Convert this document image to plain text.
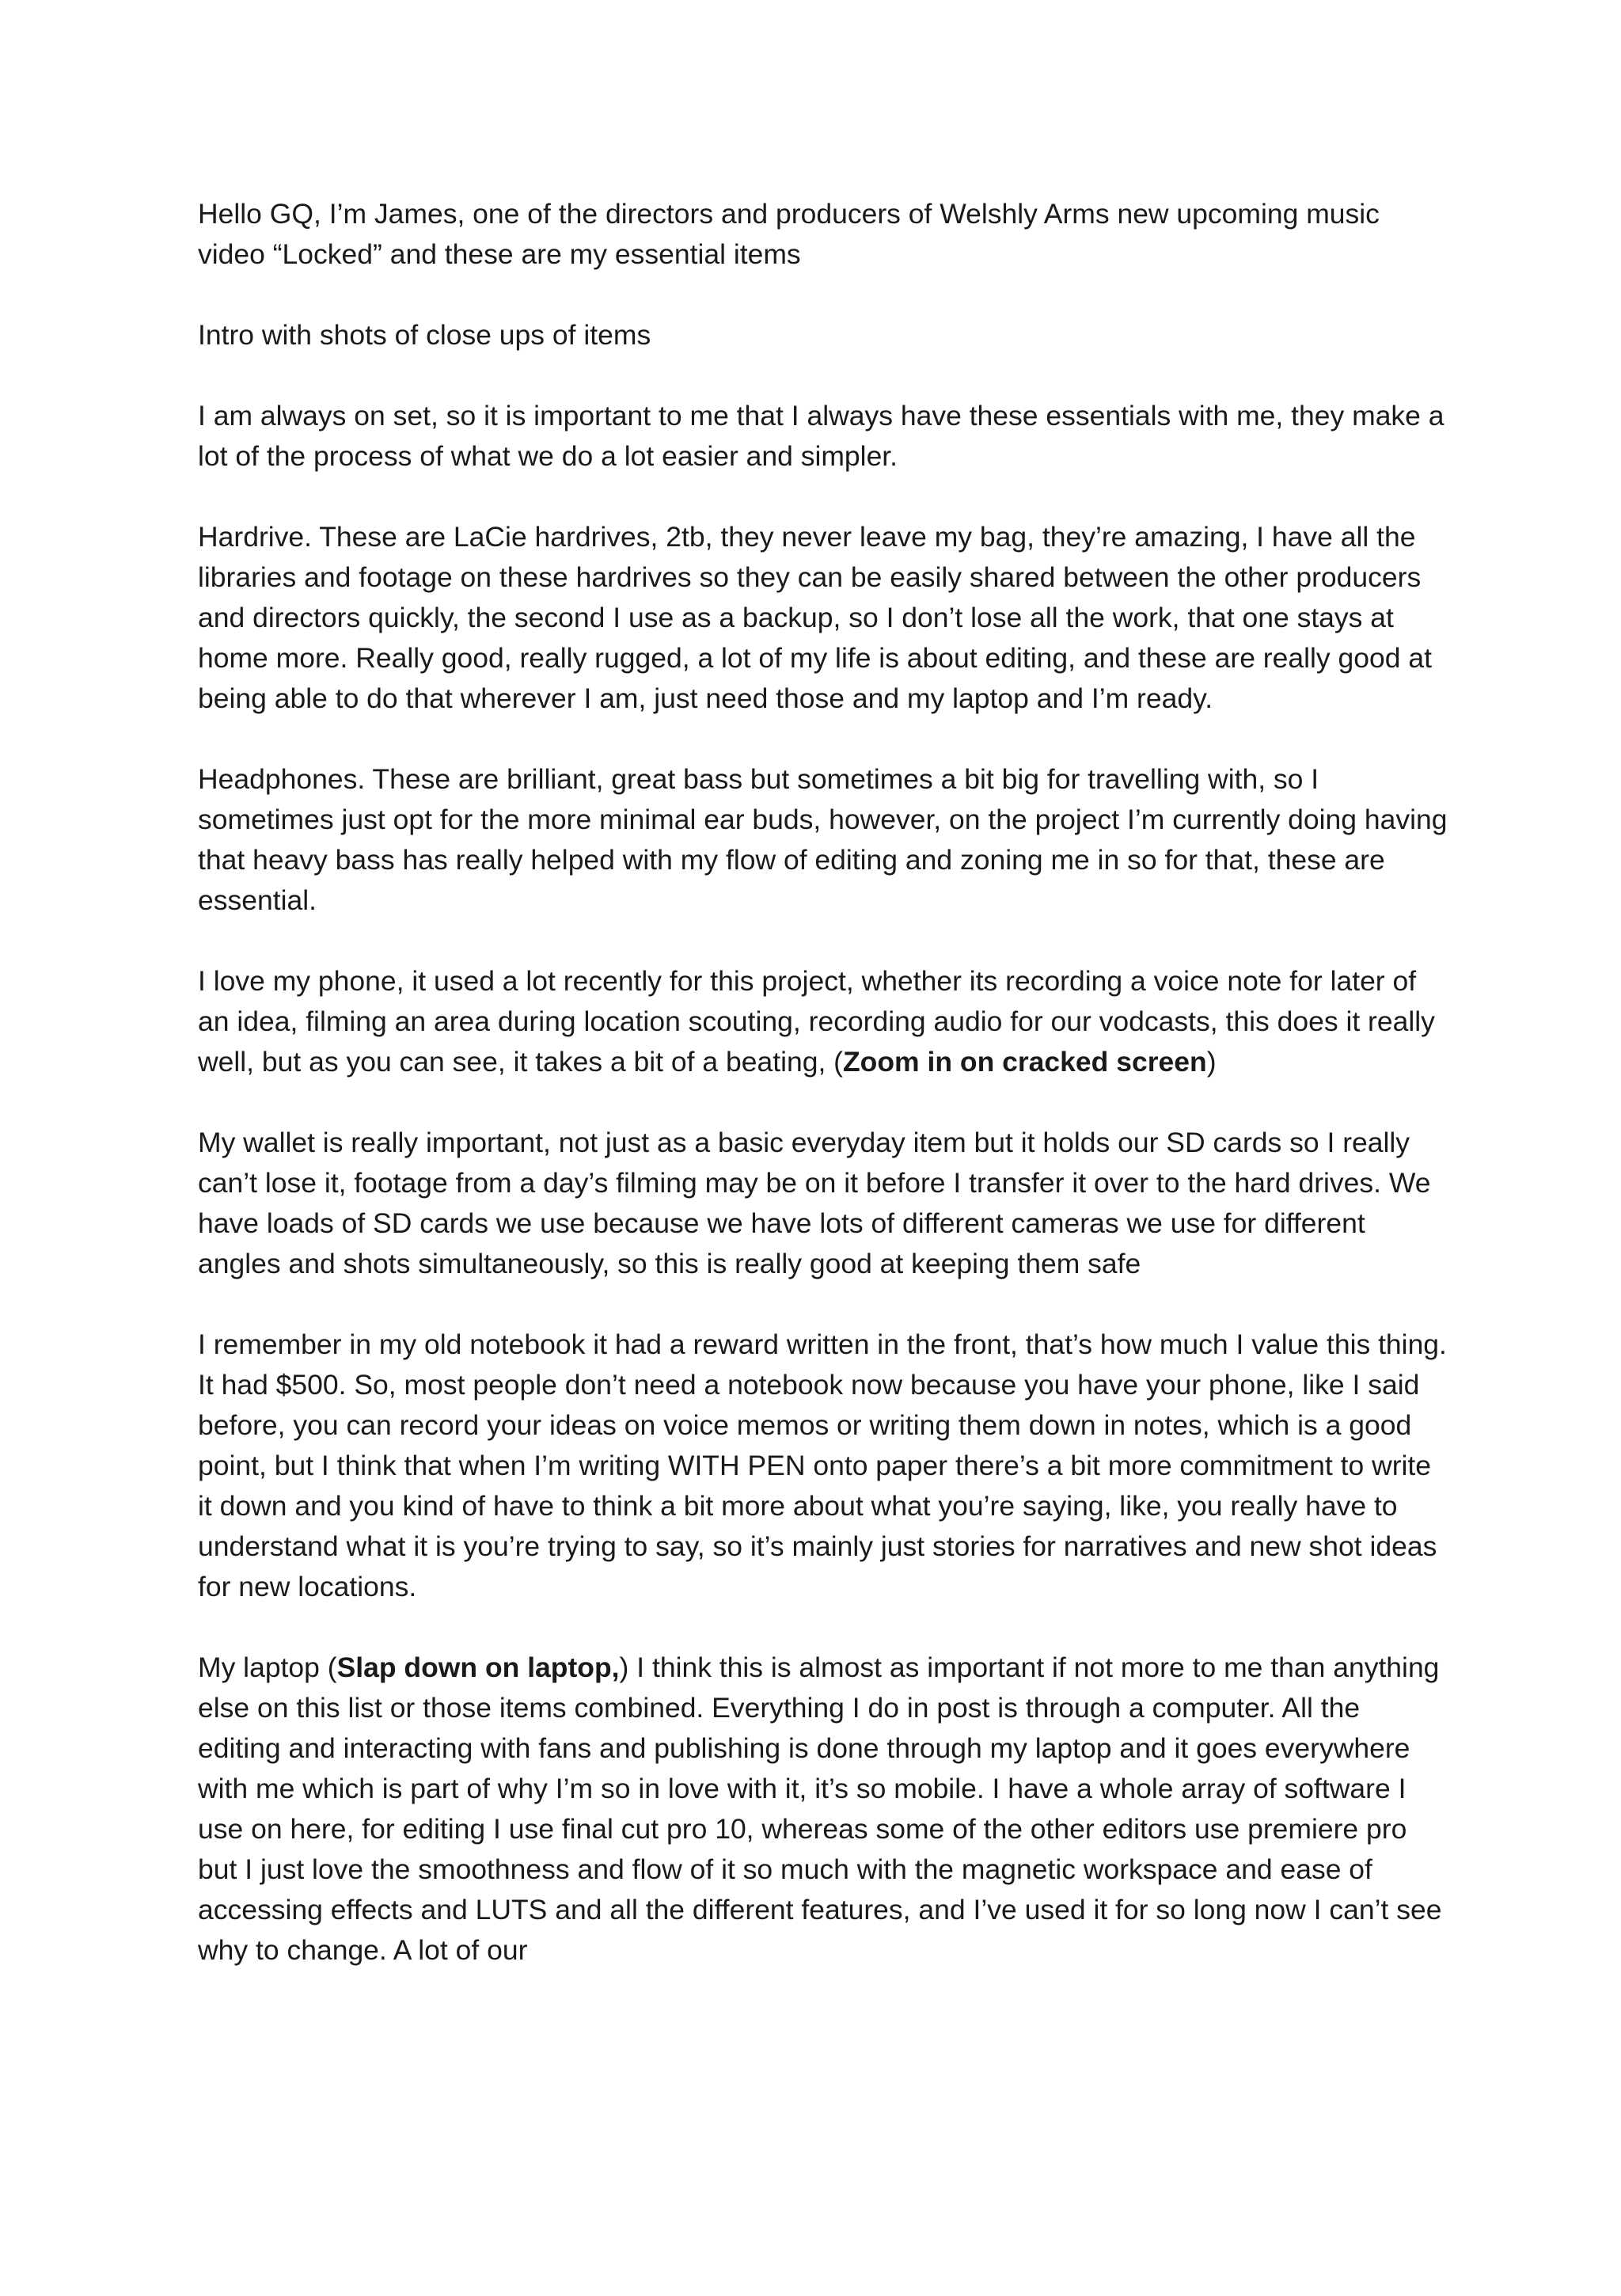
Hello GQ, I’m James, one of the directors and producers of Welshly Arms new upcoming music video “Locked” and these are my essential items

Intro with shots of close ups of items

I am always on set, so it is important to me that I always have these essentials with me, they make a lot of the process of what we do a lot easier and simpler.

Hardrive. These are LaCie hardrives, 2tb, they never leave my bag, they’re amazing, I have all the libraries and footage on these hardrives so they can be easily shared between the other producers and directors quickly, the second I use as a backup, so I don’t lose all the work, that one stays at home more. Really good, really rugged, a lot of my life is about editing, and these are really good at being able to do that wherever I am, just need those and my laptop and I’m ready.

Headphones. These are brilliant, great bass but sometimes a bit big for travelling with, so I sometimes just opt for the more minimal ear buds, however, on the project I’m currently doing having that heavy bass has really helped with my flow of editing and zoning me in so for that, these are essential.

I love my phone, it used a lot recently for this project, whether its recording a voice note for later of an idea, filming an area during location scouting, recording audio for our vodcasts, this does it really well, but as you can see, it takes a bit of a beating, (Zoom in on cracked screen)

My wallet is really important, not just as a basic everyday item but it holds our SD cards so I really can’t lose it, footage from a day’s filming may be on it before I transfer it over to the hard drives. We have loads of SD cards we use because we have lots of different cameras we use for different angles and shots simultaneously, so this is really good at keeping them safe

I remember in my old notebook it had a reward written in the front, that’s how much I value this thing. It had $500. So, most people don’t need a notebook now because you have your phone, like I said before, you can record your ideas on voice memos or writing them down in notes, which is a good point, but I think that when I’m writing WITH PEN onto paper there’s a bit more commitment to write it down and you kind of have to think a bit more about what you’re saying, like, you really have to understand what it is you’re trying to say, so it’s mainly just stories for narratives and new shot ideas for new locations.

My laptop (Slap down on laptop,) I think this is almost as important if not more to me than anything else on this list or those items combined. Everything I do in post is through a computer. All the editing and interacting with fans and publishing is done through my laptop and it goes everywhere with me which is part of why I’m so in love with it, it’s so mobile. I have a whole array of software I use on here, for editing I use final cut pro 10, whereas some of the other editors use premiere pro but I just love the smoothness and flow of it so much with the magnetic workspace and ease of accessing effects and LUTS and all the different features, and I’ve used it for so long now I can’t see why to change. A lot of our
